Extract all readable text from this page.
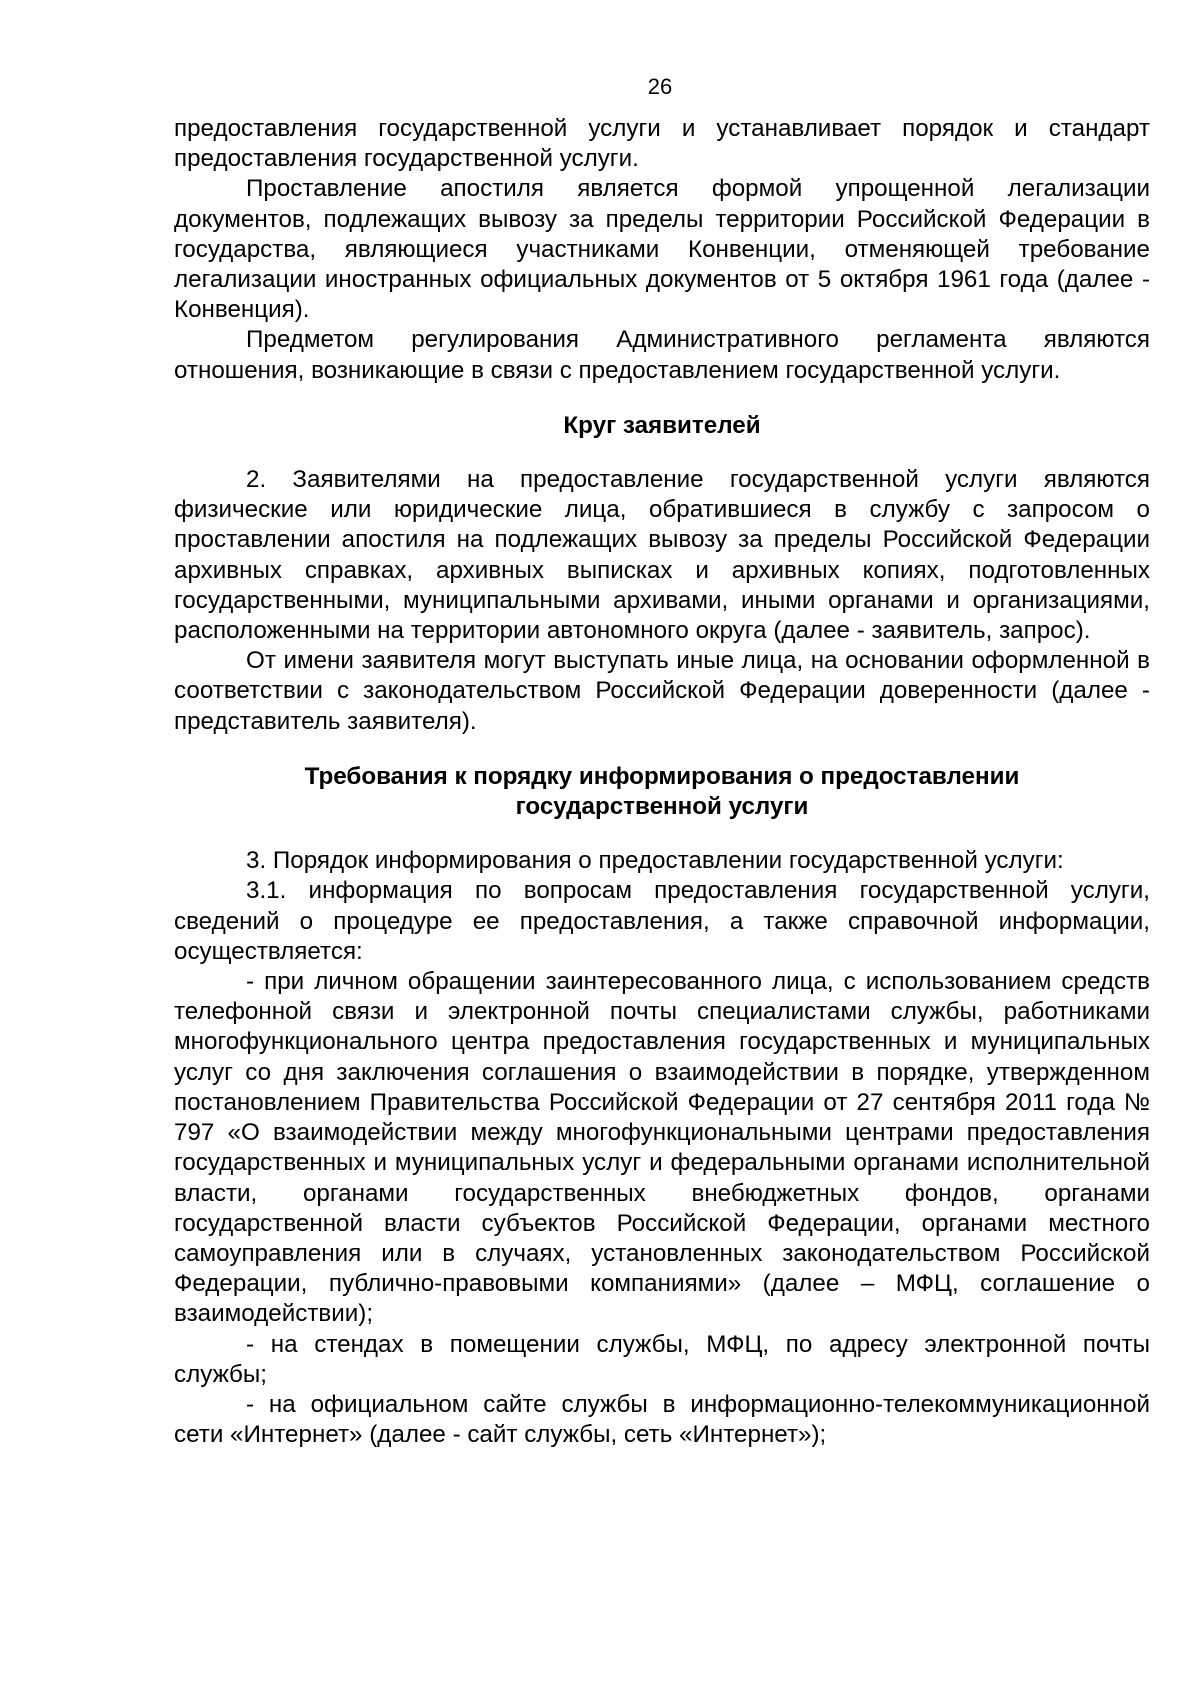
26

предоставления государственной услуги и устанавливает порядок и стандарт предоставления государственной услуги.

Проставление апостиля является формой упрощенной легализации документов, подлежащих вывозу за пределы территории Российской Федерации в государства, являющиеся участниками Конвенции, отменяющей требование легализации иностранных официальных документов от 5 октября 1961 года (далее - Конвенция).

Предметом регулирования Административного регламента являются отношения, возникающие в связи с предоставлением государственной услуги.

Круг заявителей

2. Заявителями на предоставление государственной услуги являются физические или юридические лица, обратившиеся в службу с запросом о проставлении апостиля на подлежащих вывозу за пределы Российской Федерации архивных справках, архивных выписках и архивных копиях, подготовленных государственными, муниципальными архивами, иными органами и организациями, расположенными на территории автономного округа (далее - заявитель, запрос).

От имени заявителя могут выступать иные лица, на основании оформленной в соответствии с законодательством Российской Федерации доверенности (далее - представитель заявителя).

Требования к порядку информирования о предоставлении
государственной услуги

3. Порядок информирования о предоставлении государственной услуги:

3.1. информация по вопросам предоставления государственной услуги, сведений о процедуре ее предоставления, а также справочной информации, осуществляется:

- при личном обращении заинтересованного лица, с использованием средств телефонной связи и электронной почты специалистами службы, работниками многофункционального центра предоставления государственных и муниципальных услуг со дня заключения соглашения о взаимодействии в порядке, утвержденном постановлением Правительства Российской Федерации от 27 сентября 2011 года № 797 «О взаимодействии между многофункциональными центрами предоставления государственных и муниципальных услуг и федеральными органами исполнительной власти, органами государственных внебюджетных фондов, органами государственной власти субъектов Российской Федерации, органами местного самоуправления или в случаях, установленных законодательством Российской Федерации, публично-правовыми компаниями» (далее – МФЦ, соглашение о взаимодействии);

- на стендах в помещении службы, МФЦ, по адресу электронной почты службы;

- на официальном сайте службы в информационно-телекоммуникационной сети «Интернет» (далее - сайт службы, сеть «Интернет»);
